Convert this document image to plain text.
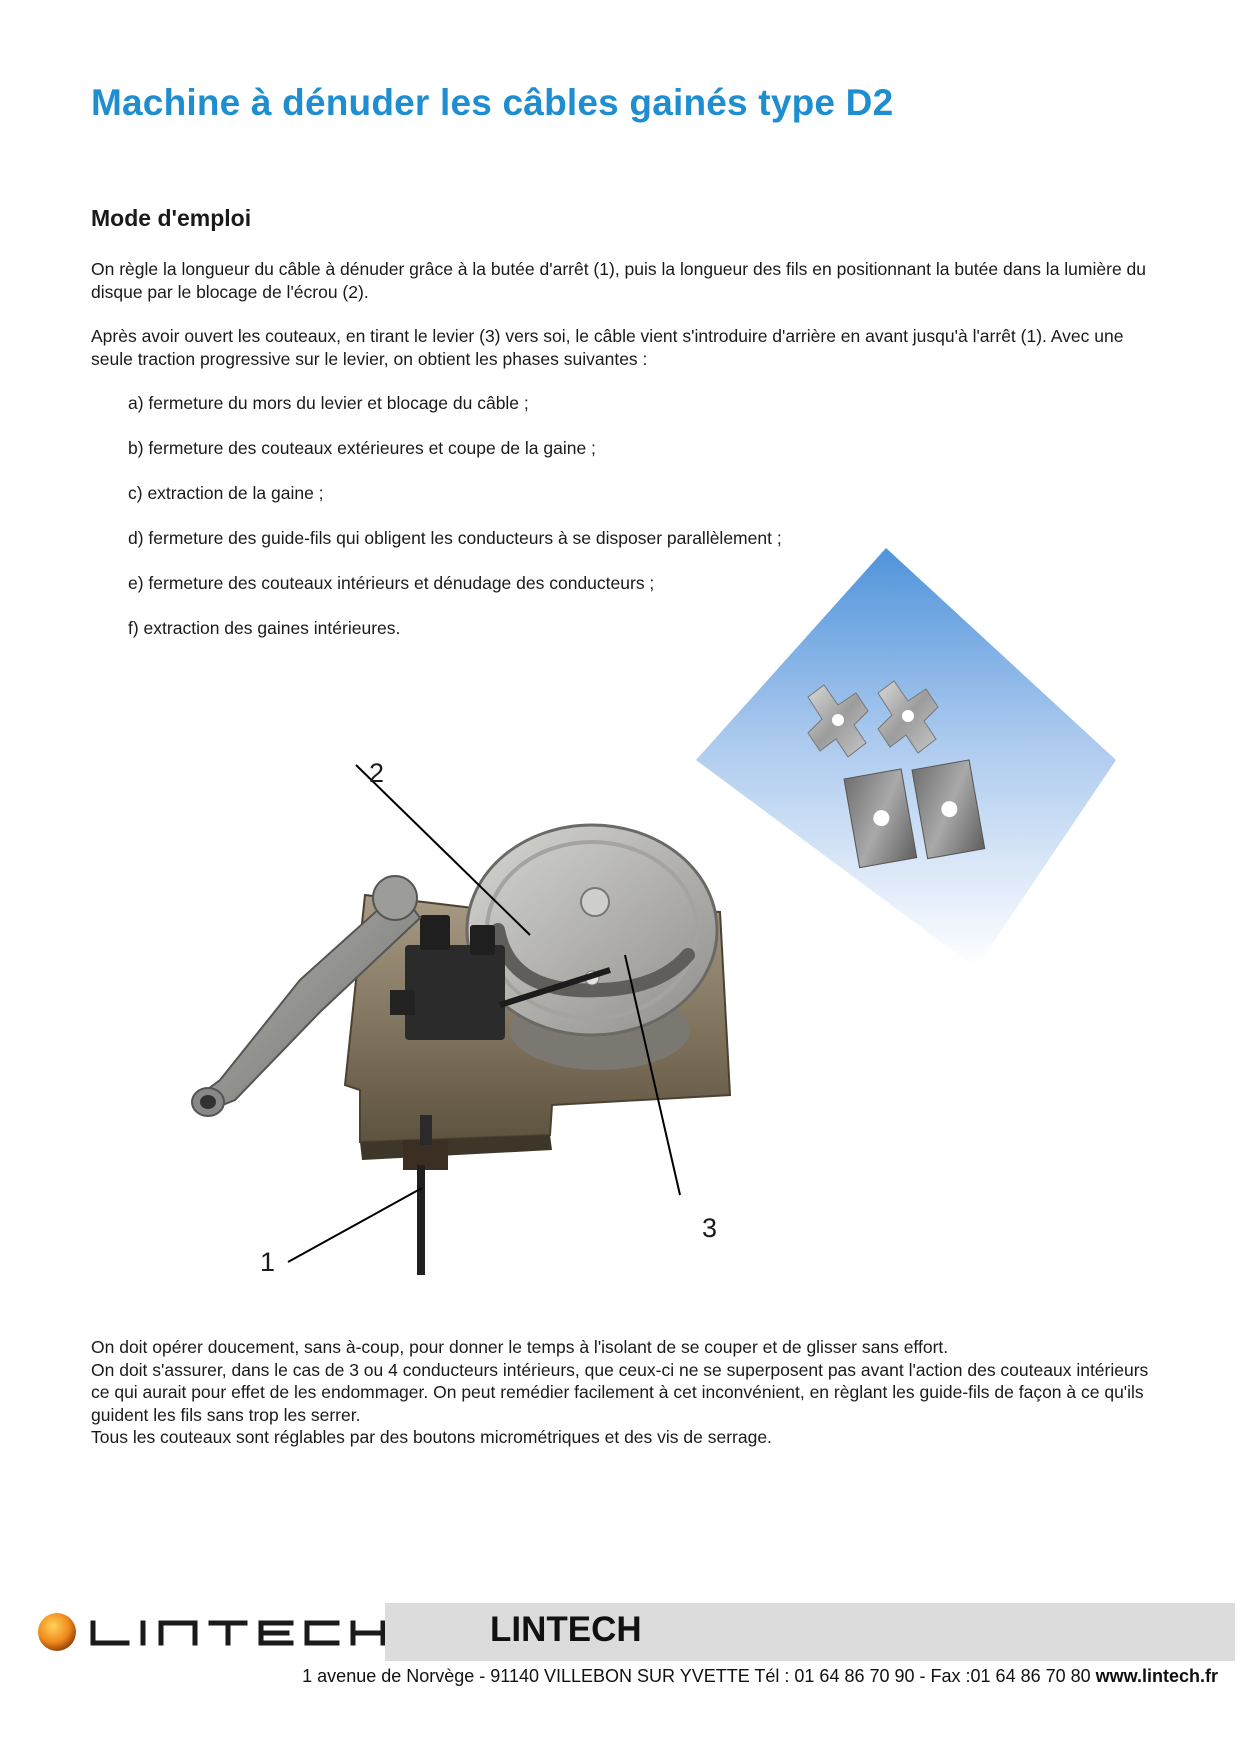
Machine à dénuder les câbles gainés type D2
Mode d'emploi

On règle la longueur du câble à dénuder grâce à la butée d'arrêt (1), puis la longueur des fils en positionnant la butée dans la lumière du disque par le blocage de l'écrou (2).

Après avoir ouvert les couteaux, en tirant le levier (3) vers soi, le câble vient s'introduire d'arrière en avant jusqu'à l'arrêt (1). Avec une seule traction progressive sur le levier, on obtient les phases suivantes :

a) fermeture du mors du levier et blocage du câble ;
b) fermeture des couteaux extérieures et coupe de la gaine ;
c) extraction de la gaine ;
d) fermeture des guide-fils qui obligent les conducteurs à se disposer parallèlement ;
e) fermeture des couteaux intérieurs et dénudage des conducteurs ;
f) extraction des gaines intérieures.
2
3
1
On doit opérer doucement, sans à-coup, pour donner le temps à l'isolant de se couper et de glisser sans effort.
On doit s'assurer, dans le cas de 3 ou 4 conducteurs intérieurs, que ceux-ci ne se superposent pas avant l'action des couteaux intérieurs ce qui aurait pour effet de les endommager. On peut remédier facilement à cet inconvénient, en règlant les guide-fils de façon à ce qu'ils guident les fils sans trop les serrer.
Tous les couteaux sont réglables par des boutons micrométriques et des vis de serrage.
LINTECH
1 avenue de Norvège - 91140 VILLEBON SUR YVETTE Tél : 01 64 86 70 90 - Fax :01 64 86 70 80 www.lintech.fr
